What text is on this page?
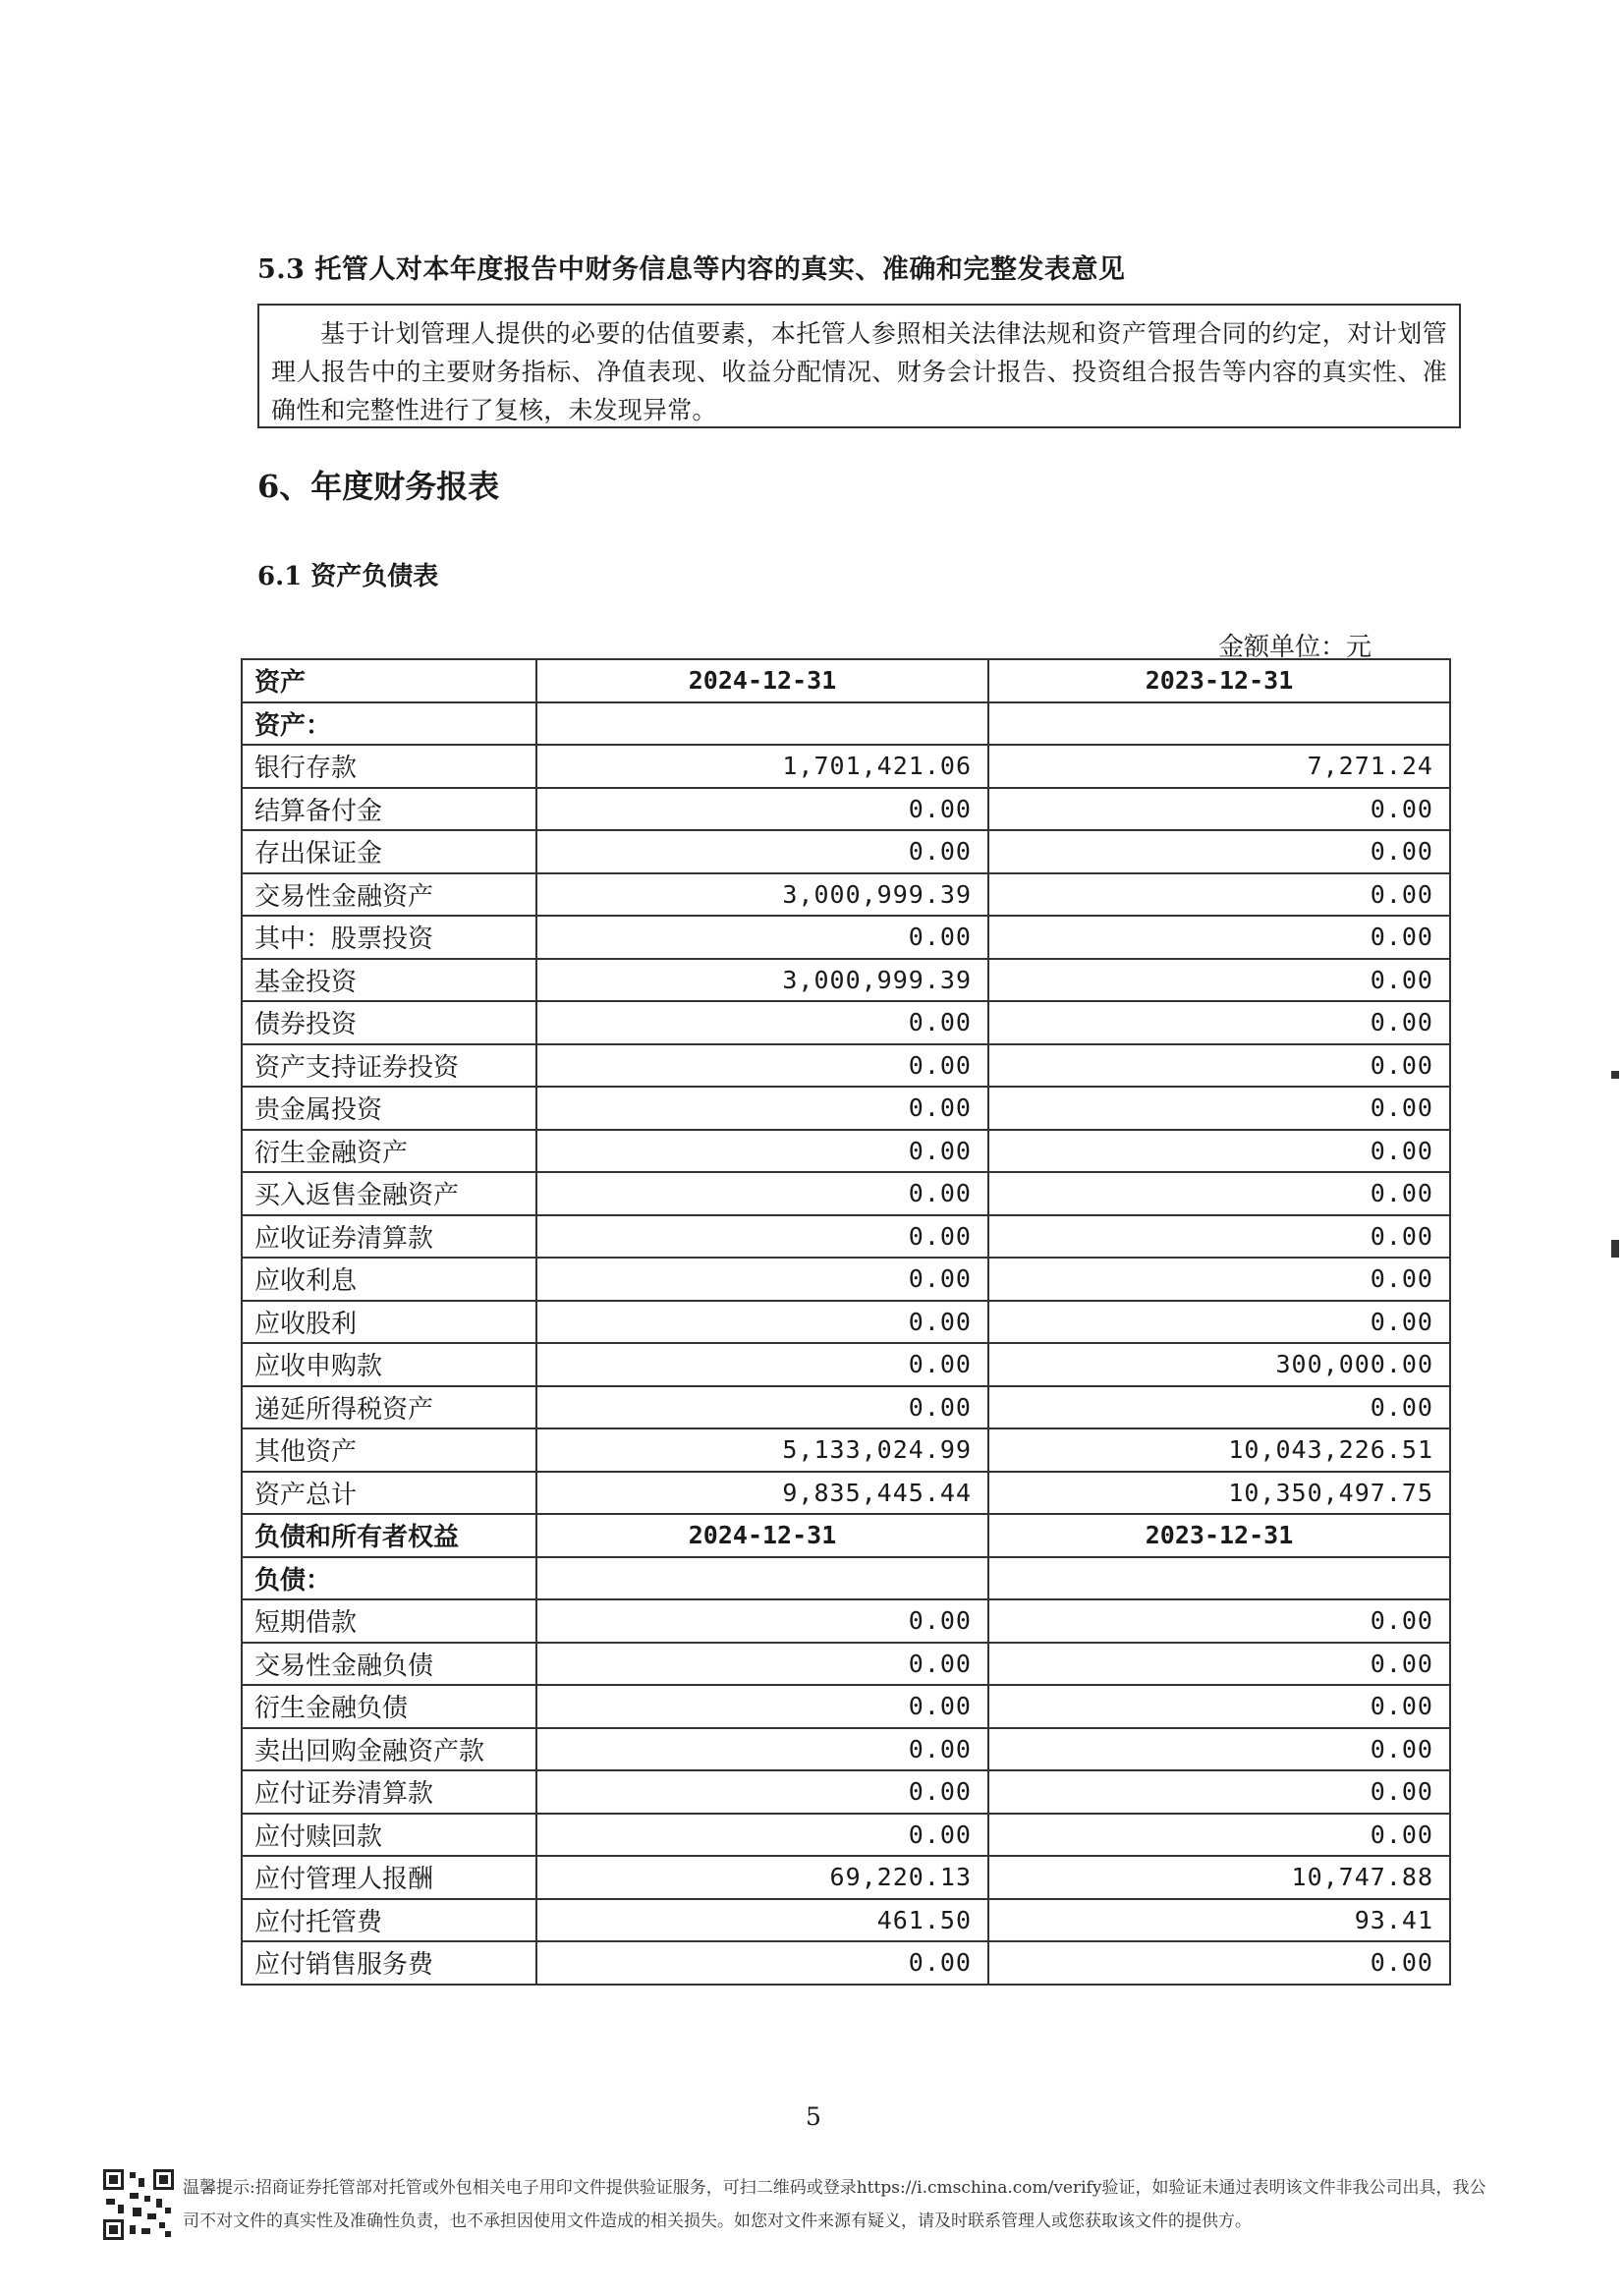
5.3 托管人对本年度报告中财务信息等内容的真实、准确和完整发表意见
基于计划管理人提供的必要的估值要素，本托管人参照相关法律法规和资产管理合同的约定，对计划管理人报告中的主要财务指标、净值表现、收益分配情况、财务会计报告、投资组合报告等内容的真实性、准确性和完整性进行了复核，未发现异常。
6、年度财务报表
6.1 资产负债表
金额单位：元
资产	2024-12-31	2023-12-31
资产：		
银行存款	1,701,421.06	7,271.24
结算备付金	0.00	0.00
存出保证金	0.00	0.00
交易性金融资产	3,000,999.39	0.00
其中：股票投资	0.00	0.00
基金投资	3,000,999.39	0.00
债券投资	0.00	0.00
资产支持证券投资	0.00	0.00
贵金属投资	0.00	0.00
衍生金融资产	0.00	0.00
买入返售金融资产	0.00	0.00
应收证券清算款	0.00	0.00
应收利息	0.00	0.00
应收股利	0.00	0.00
应收申购款	0.00	300,000.00
递延所得税资产	0.00	0.00
其他资产	5,133,024.99	10,043,226.51
资产总计	9,835,445.44	10,350,497.75
负债和所有者权益	2024-12-31	2023-12-31
负债：		
短期借款	0.00	0.00
交易性金融负债	0.00	0.00
衍生金融负债	0.00	0.00
卖出回购金融资产款	0.00	0.00
应付证券清算款	0.00	0.00
应付赎回款	0.00	0.00
应付管理人报酬	69,220.13	10,747.88
应付托管费	461.50	93.41
应付销售服务费	0.00	0.00
5
温馨提示:招商证券托管部对托管或外包相关电子用印文件提供验证服务，可扫二维码或登录https://i.cmschina.com/verify验证，如验证未通过表明该文件非我公司出具，我公司不对文件的真实性及准确性负责，也不承担因使用文件造成的相关损失。如您对文件来源有疑义，请及时联系管理人或您获取该文件的提供方。
